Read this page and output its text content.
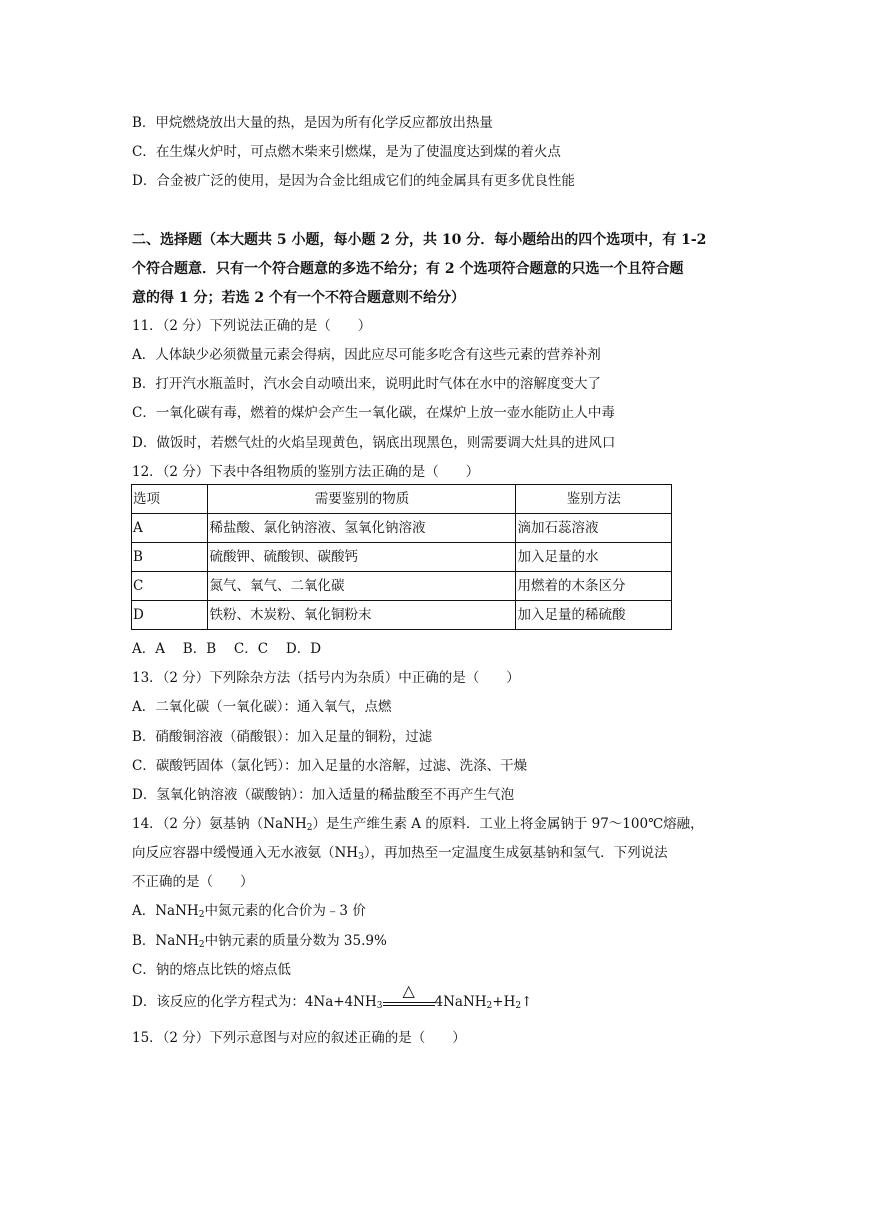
B．甲烷燃烧放出大量的热，是因为所有化学反应都放出热量
C．在生煤火炉时，可点燃木柴来引燃煤，是为了使温度达到煤的着火点
D．合金被广泛的使用，是因为合金比组成它们的纯金属具有更多优良性能
二、选择题（本大题共 5 小题，每小题 2 分，共 10 分．每小题给出的四个选项中，有 1-2
个符合题意．只有一个符合题意的多选不给分；有 2 个选项符合题意的只选一个且符合题
意的得 1 分；若选 2 个有一个不符合题意则不给分）
11．（2 分）下列说法正确的是（　　）
A．人体缺少必须微量元素会得病，因此应尽可能多吃含有这些元素的营养补剂
B．打开汽水瓶盖时，汽水会自动喷出来，说明此时气体在水中的溶解度变大了
C．一氧化碳有毒，燃着的煤炉会产生一氧化碳，在煤炉上放一壶水能防止人中毒
D．做饭时，若燃气灶的火焰呈现黄色，锅底出现黑色，则需要调大灶具的进风口
12．（2 分）下表中各组物质的鉴别方法正确的是（　　）
选项	需要鉴别的物质	鉴别方法
A	稀盐酸、氯化钠溶液、氢氧化钠溶液	滴加石蕊溶液
B	硫酸钾、硫酸钡、碳酸钙	加入足量的水
C	氮气、氧气、二氧化碳	用燃着的木条区分
D	铁粉、木炭粉、氧化铜粉末	加入足量的稀硫酸
A．A　 B．B　 C．C　 D．D
13．（2 分）下列除杂方法（括号内为杂质）中正确的是（　　）
A．二氧化碳（一氧化碳）：通入氧气，点燃
B．硝酸铜溶液（硝酸银）：加入足量的铜粉，过滤
C．碳酸钙固体（氯化钙）：加入足量的水溶解，过滤、洗涤、干燥
D．氢氧化钠溶液（碳酸钠）：加入适量的稀盐酸至不再产生气泡
14．（2 分）氨基钠（NaNH$_2$）是生产维生素 A 的原料．工业上将金属钠于 97～100℃熔融，
向反应容器中缓慢通入无水液氨$(NH_3)$，再加热至一定温度生成氨基钠和氢气．下列说法
不正确的是（　　）
A．NaNH$_2$中氮元素的化合价为﹣3 价
B．NaNH$_2$中钠元素的质量分数为 35.9%
C．钠的熔点比铁的熔点低
D．该反应的化学方程式为：$4Na+4NH_3$
△
$4NaNH_2+H_2↑$
15．（2 分）下列示意图与对应的叙述正确的是（　　）
